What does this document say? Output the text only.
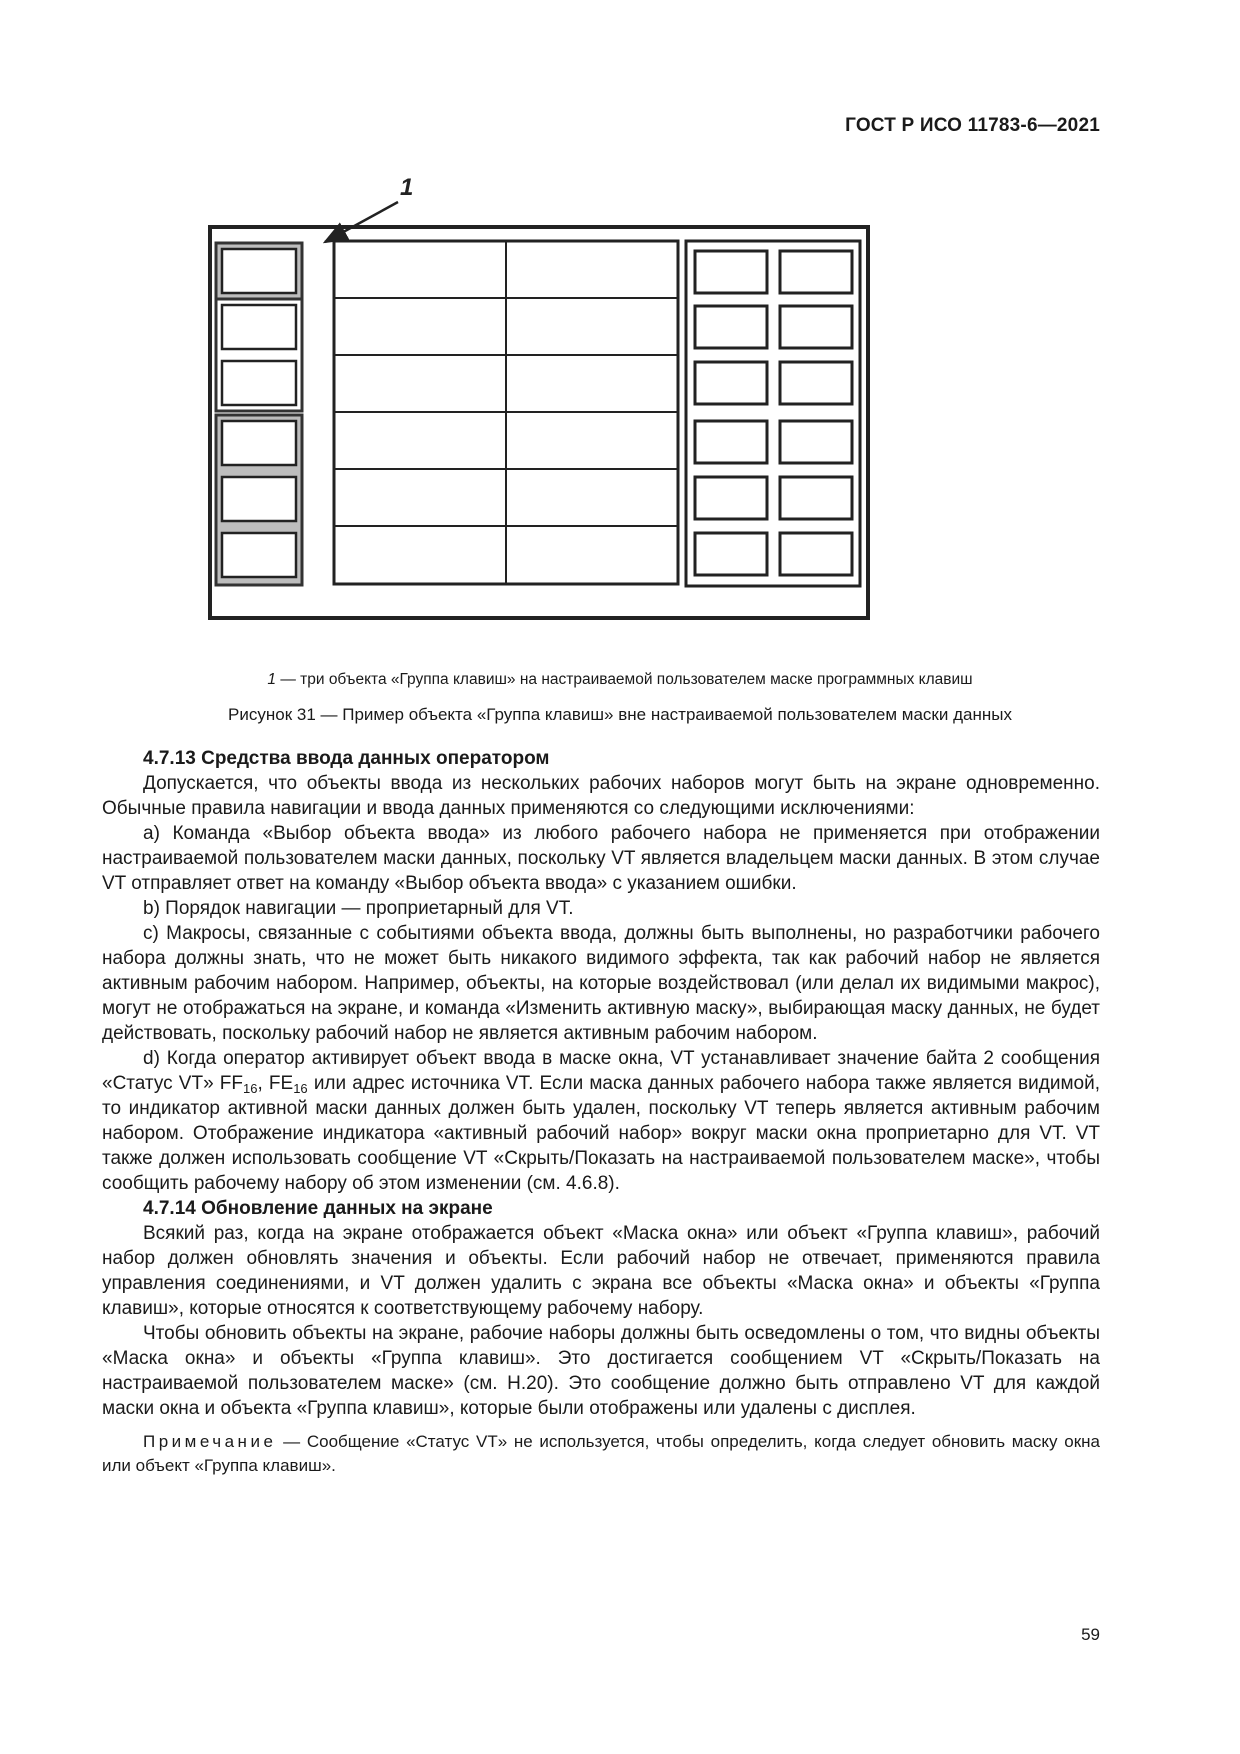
ГОСТ Р ИСО 11783-6—2021
1
1 — три объекта «Группа клавиш» на настраиваемой пользователем маске программных клавиш
Рисунок 31 — Пример объекта «Группа клавиш» вне настраиваемой пользователем маски данных
4.7.13 Средства ввода данных оператором

Допускается, что объекты ввода из нескольких рабочих наборов могут быть на экране одновременно. Обычные правила навигации и ввода данных применяются со следующими исключениями:

a) Команда «Выбор объекта ввода» из любого рабочего набора не применяется при отображении настраиваемой пользователем маски данных, поскольку VT является владельцем маски данных. В этом случае VT отправляет ответ на команду «Выбор объекта ввода» с указанием ошибки.

b) Порядок навигации — проприетарный для VT.

c) Макросы, связанные с событиями объекта ввода, должны быть выполнены, но разработчики рабочего набора должны знать, что не может быть никакого видимого эффекта, так как рабочий набор не является активным рабочим набором. Например, объекты, на которые воздействовал (или делал их видимыми макрос), могут не отображаться на экране, и команда «Изменить активную маску», выбирающая маску данных, не будет действовать, поскольку рабочий набор не является активным рабочим набором.

d) Когда оператор активирует объект ввода в маске окна, VT устанавливает значение байта 2 сообщения «Статус VT» $FF_{16}$, $FE_{16}$ или адрес источника VT. Если маска данных рабочего набора также является видимой, то индикатор активной маски данных должен быть удален, поскольку VT теперь является активным рабочим набором. Отображение индикатора «активный рабочий набор» вокруг маски окна проприетарно для VT. VT также должен использовать сообщение VT «Скрыть/Показать на настраиваемой пользователем маске», чтобы сообщить рабочему набору об этом изменении (см. 4.6.8).

4.7.14 Обновление данных на экране

Всякий раз, когда на экране отображается объект «Маска окна» или объект «Группа клавиш», рабочий набор должен обновлять значения и объекты. Если рабочий набор не отвечает, применяются правила управления соединениями, и VT должен удалить с экрана все объекты «Маска окна» и объекты «Группа клавиш», которые относятся к соответствующему рабочему набору.

Чтобы обновить объекты на экране, рабочие наборы должны быть осведомлены о том, что видны объекты «Маска окна» и объекты «Группа клавиш». Это достигается сообщением VT «Скрыть/Показать на настраиваемой пользователем маске» (см. H.20). Это сообщение должно быть отправлено VT для каждой маски окна и объекта «Группа клавиш», которые были отображены или удалены с дисплея.

Примечание — Сообщение «Статус VT» не используется, чтобы определить, когда следует обновить маску окна или объект «Группа клавиш».

59
